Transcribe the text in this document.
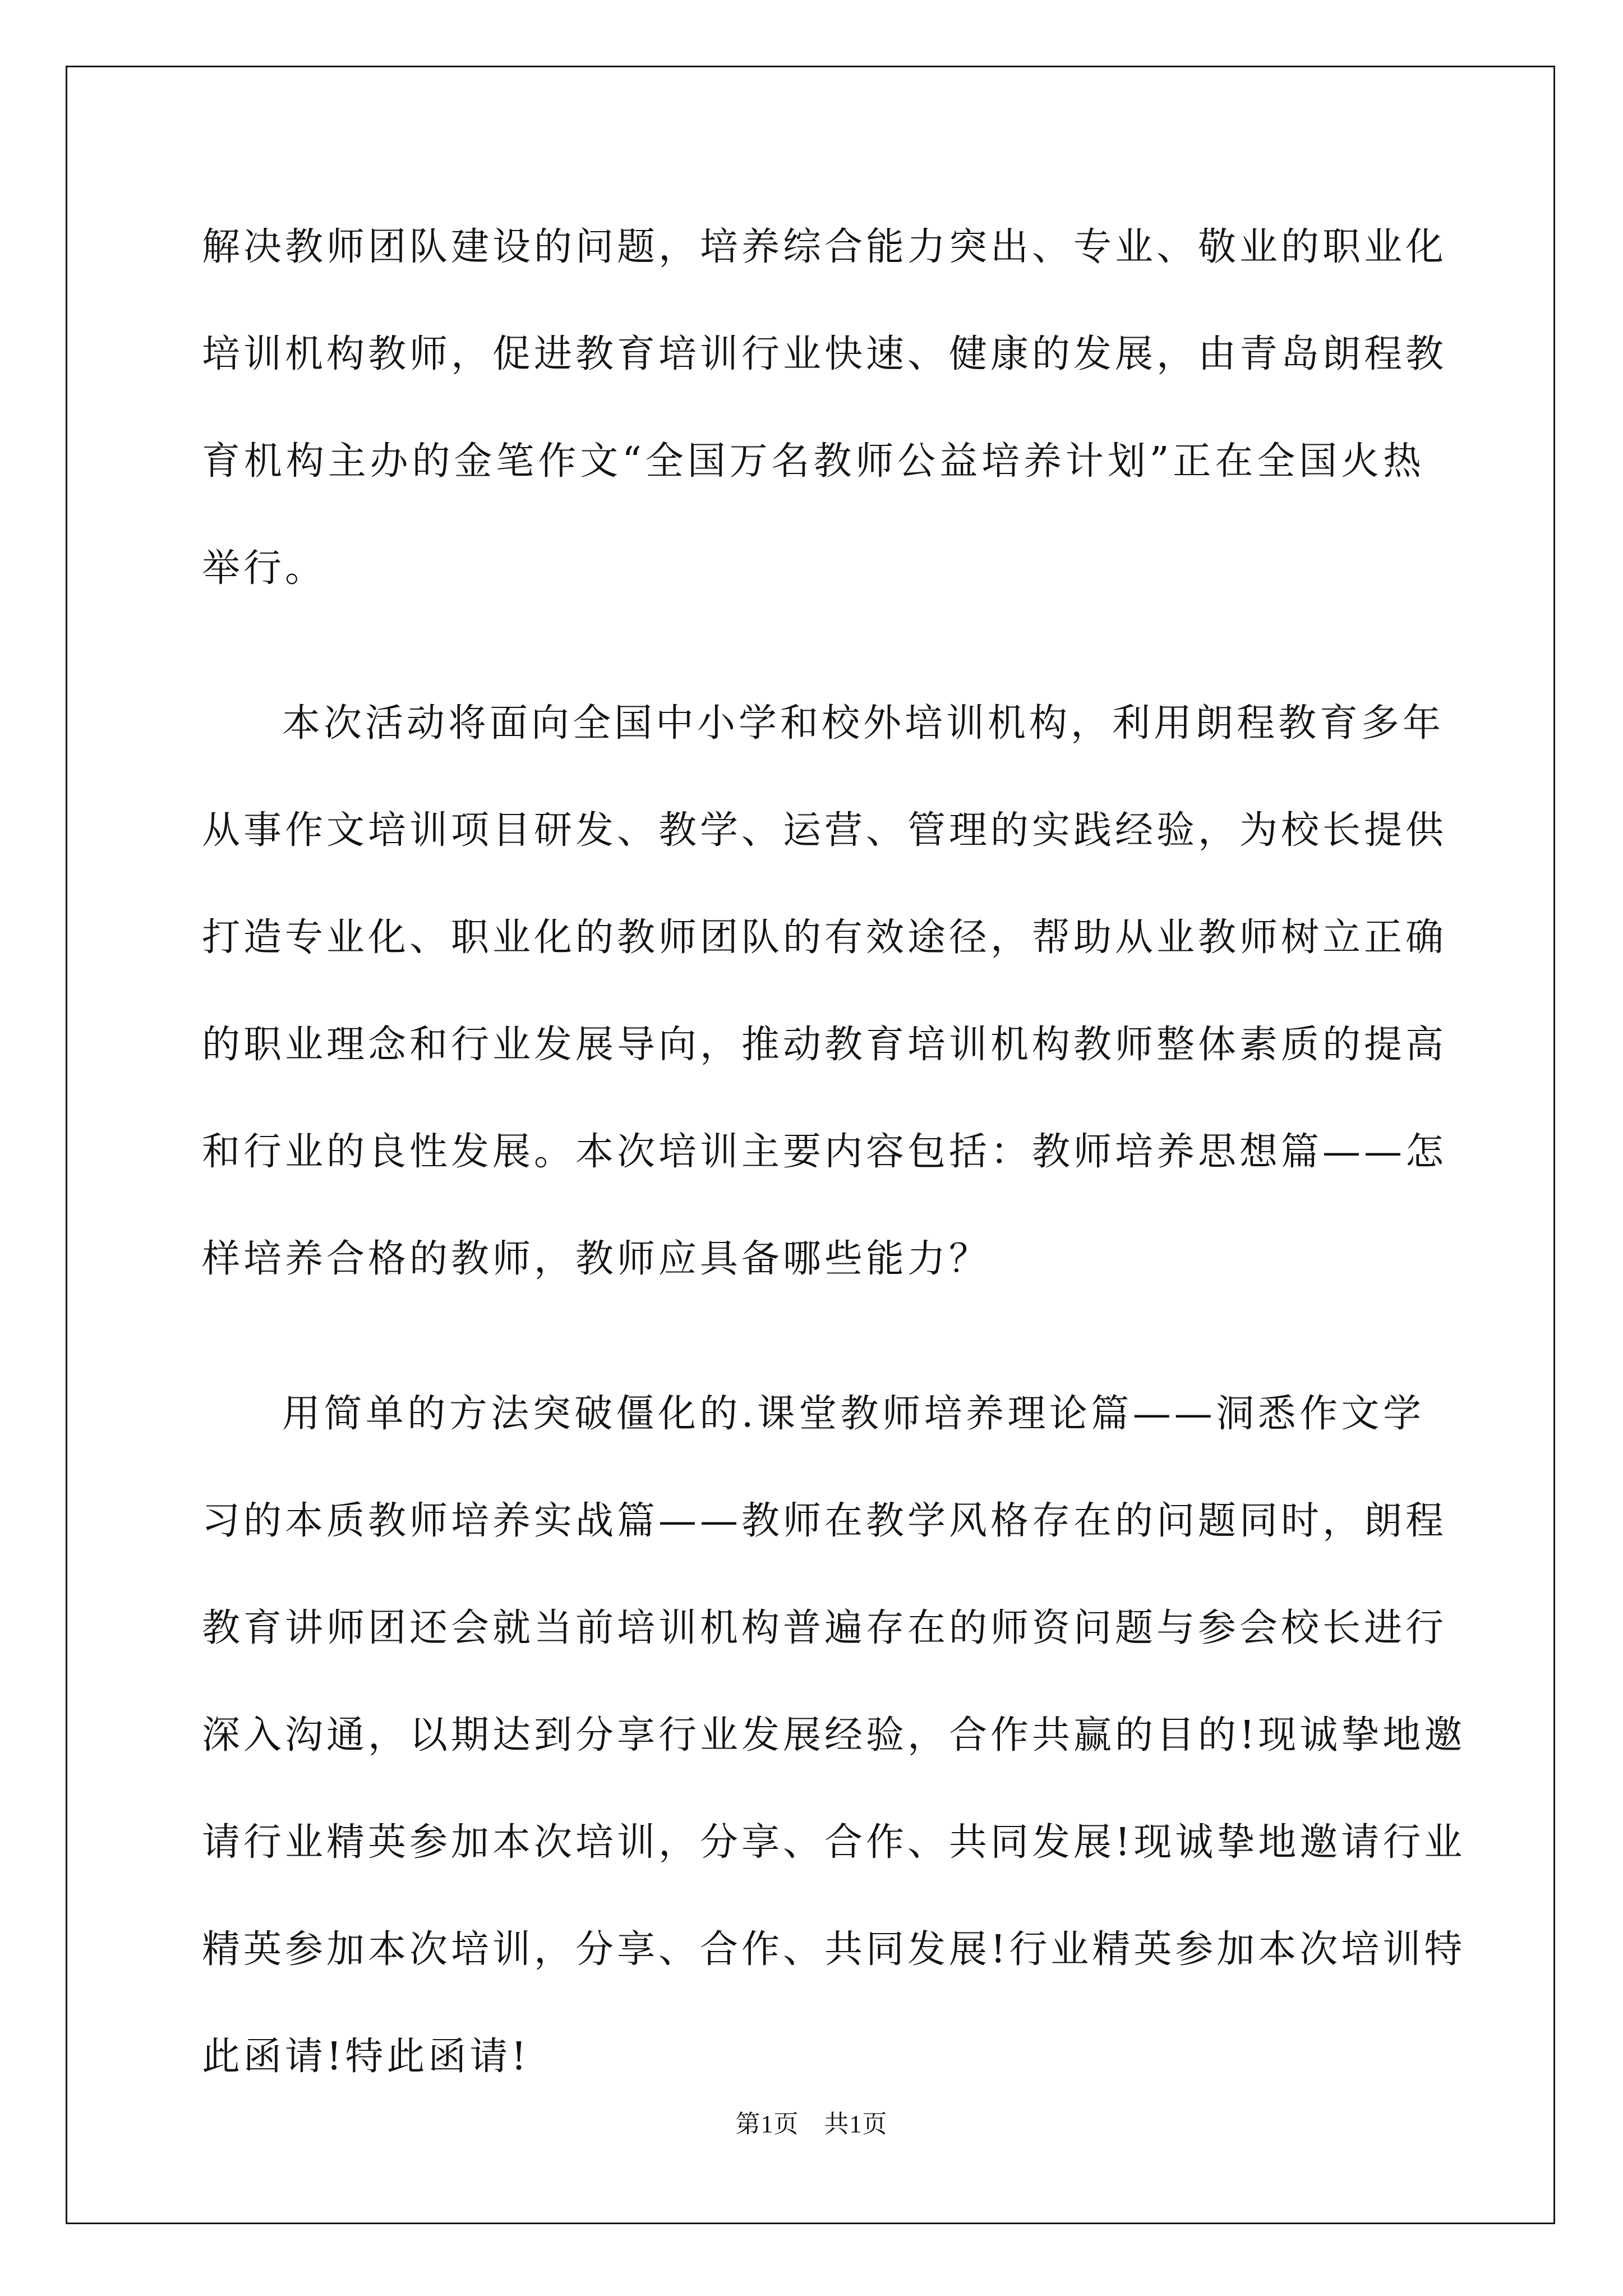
解决教师团队建设的问题，培养综合能力突出、专业、敬业的职业化
培训机构教师，促进教育培训行业快速、健康的发展，由青岛朗程教
育机构主办的金笔作文“全国万名教师公益培养计划”正在全国火热
举行。
本次活动将面向全国中小学和校外培训机构，利用朗程教育多年
从事作文培训项目研发、教学、运营、管理的实践经验，为校长提供
打造专业化、职业化的教师团队的有效途径，帮助从业教师树立正确
的职业理念和行业发展导向，推动教育培训机构教师整体素质的提高
和行业的良性发展。本次培训主要内容包括：教师培养思想篇——怎
样培养合格的教师，教师应具备哪些能力？
用简单的方法突破僵化的.课堂教师培养理论篇——洞悉作文学
习的本质教师培养实战篇——教师在教学风格存在的问题同时，朗程
教育讲师团还会就当前培训机构普遍存在的师资问题与参会校长进行
深入沟通，以期达到分享行业发展经验，合作共赢的目的!现诚挚地邀
请行业精英参加本次培训，分享、合作、共同发展!现诚挚地邀请行业
精英参加本次培训，分享、合作、共同发展!行业精英参加本次培训特
此函请!特此函请!
第1页　共1页
